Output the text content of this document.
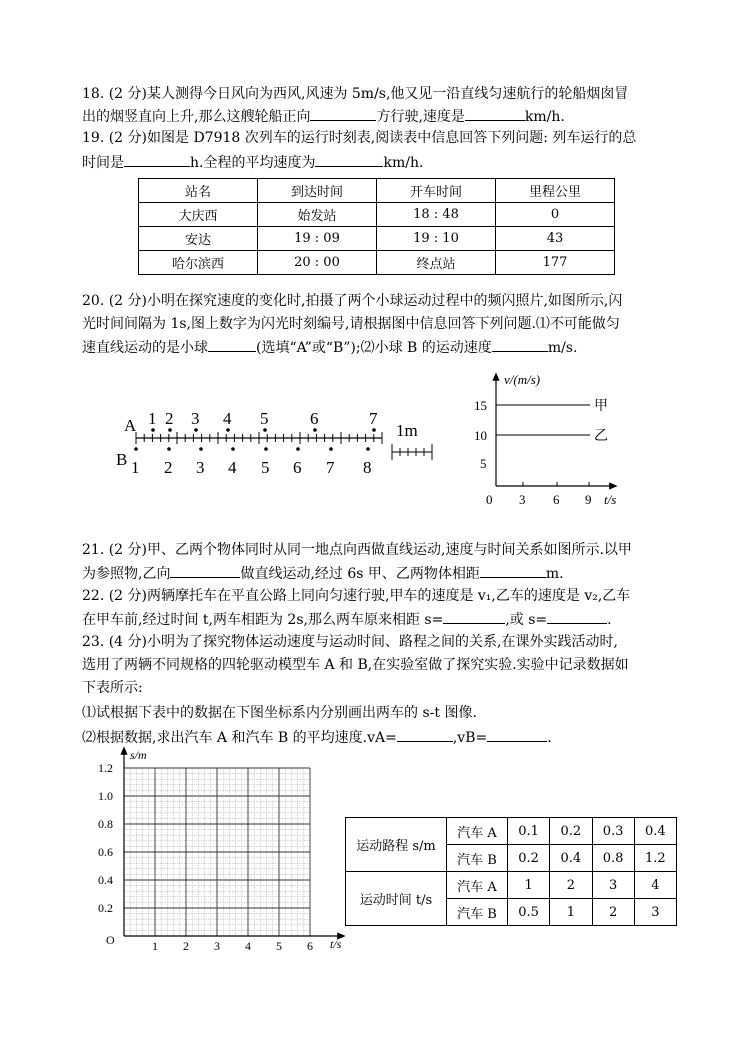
18. (2 分)某人测得今日风向为西风,风速为 5m/s,他又见一沿直线匀速航行的轮船烟囱冒
出的烟竖直向上升,那么这艘轮船正向	方行驶,速度是	km/h.
19. (2 分)如图是 D7918 次列车的运行时刻表,阅读表中信息回答下列问题: 列车运行的总
时间是	h.全程的平均速度为	km/h.
站名	到达时间	开车时间	里程公里
大庆西	始发站	18 : 48	0
安达	19 : 09	19 : 10	43
哈尔滨西	20 : 00	终点站	177
20. (2 分)小明在探究速度的变化时,拍摄了两个小球运动过程中的频闪照片,如图所示,闪
光时间间隔为 1s,图上数字为闪光时刻编号,请根据图中信息回答下列问题.⑴不可能做匀
速直线运动的是小球	(选填“A”或“B”);⑵小球 B 的运动速度	m/s.
A
B
1 2 3 4 5 6	7
1 2 3 4 5 6 7 8
1m
v/(m/s)
t/s
0
15
10
5
3 6 9
甲
乙
21. (2 分)甲、乙两个物体同时从同一地点向西做直线运动,速度与时间关系如图所示.以甲
为参照物,乙向	做直线运动,经过 6s 甲、乙两物体相距	m.
22. (2 分)两辆摩托车在平直公路上同向匀速行驶,甲车的速度是 v₁,乙车的速度是 v₂,乙车
在甲车前,经过时间 t,两车相距为 2s,那么两车原来相距 s=	,或 s=	.
23. (4 分)小明为了探究物体运动速度与运动时间、路程之间的关系,在课外实践活动时,
选用了两辆不同规格的四轮驱动模型车 A 和 B,在实验室做了探究实验.实验中记录数据如
下表所示:
⑴试根据下表中的数据在下图坐标系内分别画出两车的 s-t 图像.
⑵根据数据,求出汽车 A 和汽车 B 的平均速度.vA=	,vB=	.
s/m
t/s
O
1.2
1.0
0.8
0.6
0.4
0.2
1 2 3 4 5 6
运动路程 s/m	汽车 A	0.1	0.2	0.3	0.4
	汽车 B	0.2	0.4	0.8	1.2
运动时间 t/s	汽车 A	1	2	3	4
	汽车 B	0.5	1	2	3
